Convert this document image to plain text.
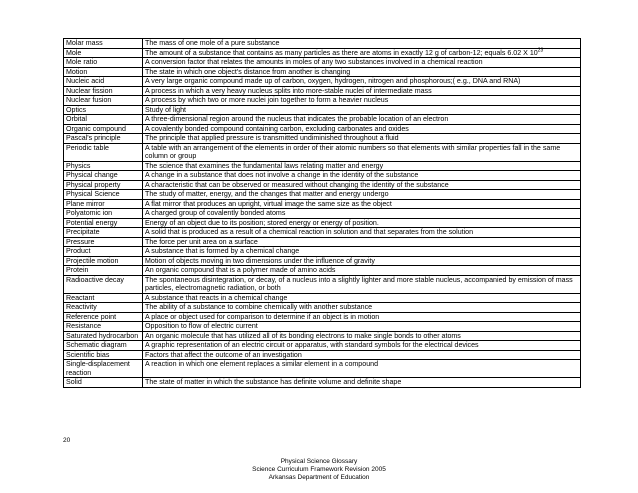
Molar mass	The mass of one mole of a pure substance
Mole	The amount of a substance that contains as many particles as there are atoms in exactly 12 g of carbon-12; equals 6.02 X $10^{23}$
Mole ratio	A conversion factor that relates the amounts in moles of any two substances involved in a chemical reaction
Motion	The state in which one object's distance from another is changing
Nucleic acid	A very large organic compound made up of carbon, oxygen, hydrogen, nitrogen and phosphorous;( e.g., DNA and RNA)
Nuclear fission	A process in which a very heavy nucleus splits into more-stable nuclei of intermediate mass
Nuclear fusion	A process by which two or more nuclei join together to form a heavier nucleus
Optics	Study of light
Orbital	A three-dimensional region around the nucleus that indicates the probable location of an electron
Organic compound	A covalently bonded compound containing carbon, excluding carbonates and oxides
Pascal's principle	The principle that applied pressure is transmitted undiminished throughout a fluid
Periodic table	A table with an arrangement of the elements in order of their atomic numbers so that elements with similar properties fall in the same column or group
Physics	The science that examines the fundamental laws relating matter and energy
Physical change	A change in a substance that does not involve a change in the identity of the substance
Physical property	A characteristic that can be observed or measured without changing the identity of the substance
Physical Science	The study of matter, energy, and the changes that matter and energy undergo
Plane mirror	A flat mirror that produces an upright, virtual image the same size as the object
Polyatomic ion	A charged group of covalently bonded atoms
Potential energy	Energy of an object due to its position; stored energy or energy of position.
Precipitate	A solid that is produced as a result of a chemical reaction in solution and that separates from the solution
Pressure	The force per unit area on a surface
Product	A substance that is formed by a chemical change
Projectile motion	Motion of objects moving in two dimensions under the influence of gravity
Protein	An organic compound that is a polymer made of amino acids
Radioactive decay	The spontaneous disintegration, or decay, of a nucleus into a slightly lighter and more stable nucleus, accompanied by emission of mass particles, electromagnetic radiation, or both
Reactant	A substance that reacts in a chemical change
Reactivity	The ability of a substance to combine chemically with another substance
Reference point	A place or object used for comparison to determine if an object is in motion
Resistance	Opposition to flow of electric current
Saturated hydrocarbon	An organic molecule that has utilized all of its bonding electrons to make single bonds to other atoms
Schematic diagram	A graphic representation of an electric circuit or apparatus, with standard symbols for the electrical devices
Scientific bias	Factors that affect the outcome of an investigation
Single-displacement reaction	A reaction in which one element replaces a similar element in a compound
Solid	The state of matter in which the substance has definite volume and definite shape
20
Physical Science Glossary
Science Curriculum Framework Revision 2005
Arkansas Department of Education
